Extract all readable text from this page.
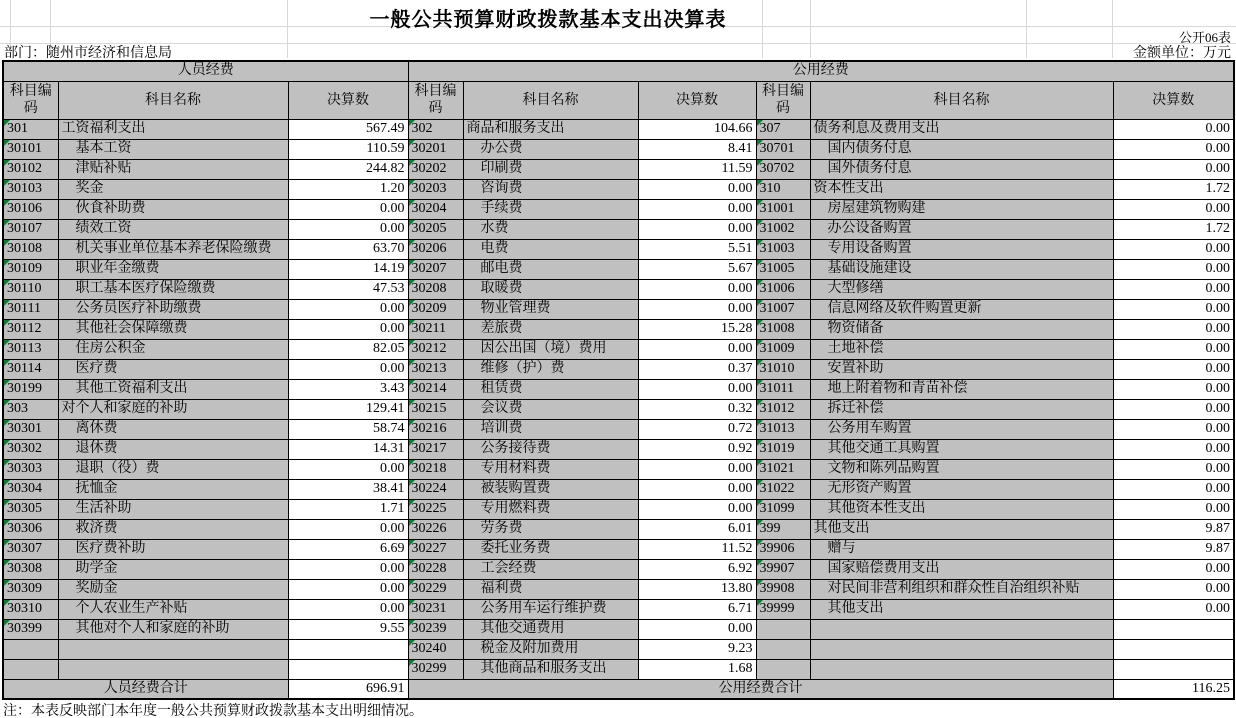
一般公共预算财政拨款基本支出决算表
公开06表
部门：随州市经济和信息局	金额单位：万元
人员经费			公用经费					
科目编码	科目名称	决算数	科目编码	科目名称	决算数	科目编码	科目名称	决算数
301	工资福利支出	567.49	302	商品和服务支出	104.66	307	债务利息及费用支出	0.00
30101	基本工资	110.59	30201	办公费	8.41	30701	国内债务付息	0.00
30102	津贴补贴	244.82	30202	印刷费	11.59	30702	国外债务付息	0.00
30103	奖金	1.20	30203	咨询费	0.00	310	资本性支出	1.72
30106	伙食补助费	0.00	30204	手续费	0.00	31001	房屋建筑物购建	0.00
30107	绩效工资	0.00	30205	水费	0.00	31002	办公设备购置	1.72
30108	机关事业单位基本养老保险缴费	63.70	30206	电费	5.51	31003	专用设备购置	0.00
30109	职业年金缴费	14.19	30207	邮电费	5.67	31005	基础设施建设	0.00
30110	职工基本医疗保险缴费	47.53	30208	取暖费	0.00	31006	大型修缮	0.00
30111	公务员医疗补助缴费	0.00	30209	物业管理费	0.00	31007	信息网络及软件购置更新	0.00
30112	其他社会保障缴费	0.00	30211	差旅费	15.28	31008	物资储备	0.00
30113	住房公积金	82.05	30212	因公出国（境）费用	0.00	31009	土地补偿	0.00
30114	医疗费	0.00	30213	维修（护）费	0.37	31010	安置补助	0.00
30199	其他工资福利支出	3.43	30214	租赁费	0.00	31011	地上附着物和青苗补偿	0.00
303	对个人和家庭的补助	129.41	30215	会议费	0.32	31012	拆迁补偿	0.00
30301	离休费	58.74	30216	培训费	0.72	31013	公务用车购置	0.00
30302	退休费	14.31	30217	公务接待费	0.92	31019	其他交通工具购置	0.00
30303	退职（役）费	0.00	30218	专用材料费	0.00	31021	文物和陈列品购置	0.00
30304	抚恤金	38.41	30224	被装购置费	0.00	31022	无形资产购置	0.00
30305	生活补助	1.71	30225	专用燃料费	0.00	31099	其他资本性支出	0.00
30306	救济费	0.00	30226	劳务费	6.01	399	其他支出	9.87
30307	医疗费补助	6.69	30227	委托业务费	11.52	39906	赠与	9.87
30308	助学金	0.00	30228	工会经费	6.92	39907	国家赔偿费用支出	0.00
30309	奖励金	0.00	30229	福利费	13.80	39908	对民间非营利组织和群众性自治组织补贴	0.00
30310	个人农业生产补贴	0.00	30231	公务用车运行维护费	6.71	39999	其他支出	0.00
30399	其他对个人和家庭的补助	9.55	30239	其他交通费用	0.00			
			30240	税金及附加费用	9.23			
			30299	其他商品和服务支出	1.68			
人员经费合计		696.91	公用经费合计					116.25
注：本表反映部门本年度一般公共预算财政拨款基本支出明细情况。
